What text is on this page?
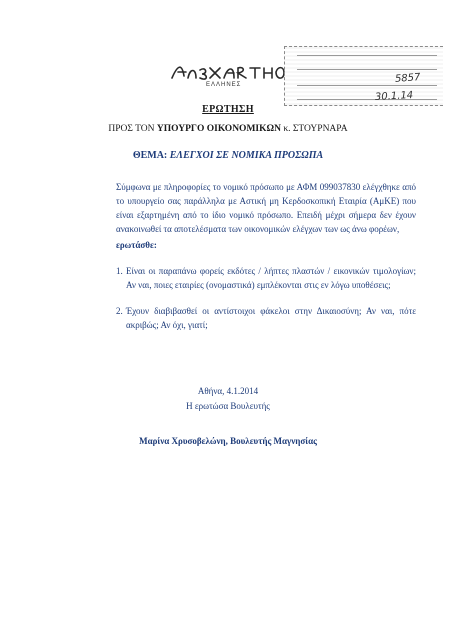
ΕΛΛΗΝΕΣ
5857
30.1.14
ΕΡΩΤΗΣΗ
ΠΡΟΣ ΤΟΝ ΥΠΟΥΡΓΟ ΟΙΚΟΝΟΜΙΚΩΝ κ. ΣΤΟΥΡΝΑΡΑ
ΘΕΜΑ: ΕΛΕΓΧΟΙ ΣΕ ΝΟΜΙΚΑ ΠΡΟΣΩΠΑ
Σύμφωνα με πληροφορίες το νομικό πρόσωπο με ΑΦΜ 099037830 ελέγχθηκε από το υπουργείο σας παράλληλα με Αστική μη Κερδοσκοπική Εταιρία (ΑμΚΕ) που είναι εξαρτημένη από το ίδιο νομικό πρόσωπο. Επειδή μέχρι σήμερα δεν έχουν ανακοινωθεί τα αποτελέσματα των οικονομικών ελέγχων των ως άνω φορέων,
ερωτάσθε:
1. Είναι οι παραπάνω φορείς εκδότες / λήπτες πλαστών / εικονικών τιμολογίων; Αν ναι, ποιες εταιρίες (ονομαστικά) εμπλέκονται στις εν λόγω υποθέσεις;
2. Έχουν διαβιβασθεί οι αντίστοιχοι φάκελοι στην Δικαιοσύνη; Αν ναι, πότε ακριβώς; Αν όχι, γιατί;
Αθήνα, 4.1.2014
Η ερωτώσα Βουλευτής
Μαρίνα Χρυσοβελώνη, Βουλευτής Μαγνησίας
